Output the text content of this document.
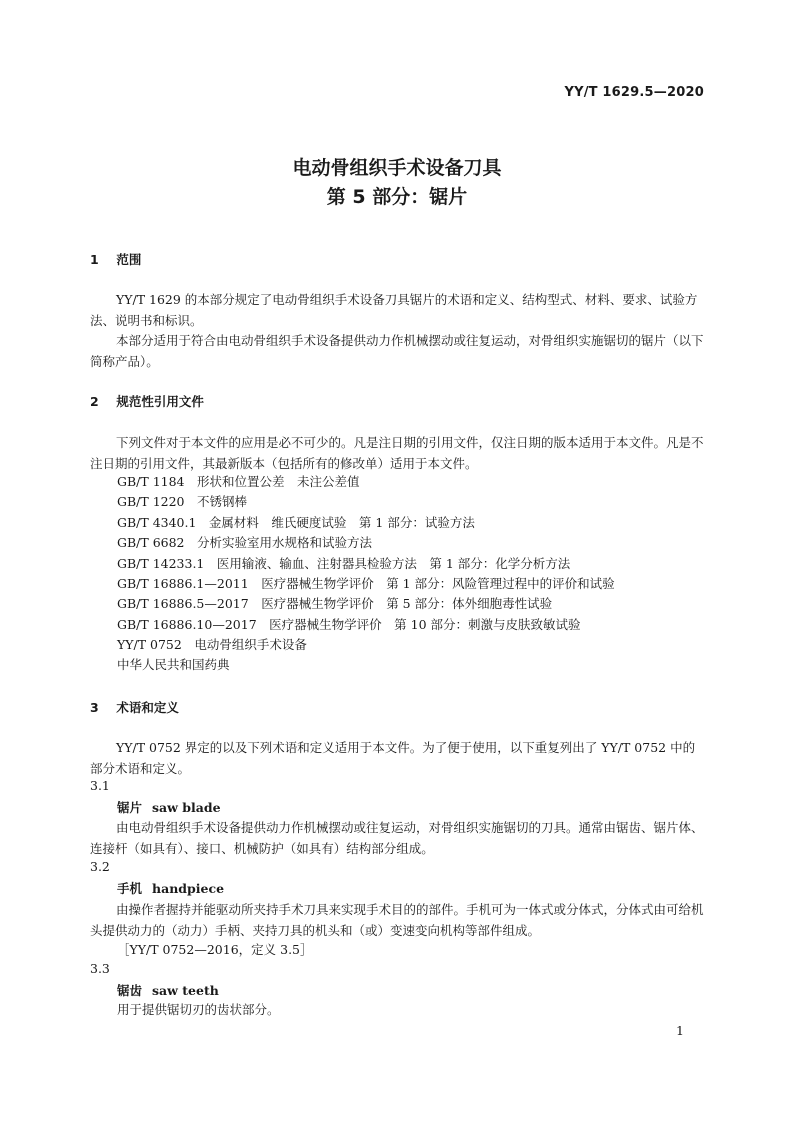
YY/T 1629.5—2020
电动骨组织手术设备刀具
第 5 部分：锯片
1 范围
YY/T 1629 的本部分规定了电动骨组织手术设备刀具锯片的术语和定义、结构型式、材料、要求、试验方法、说明书和标识。
本部分适用于符合由电动骨组织手术设备提供动力作机械摆动或往复运动，对骨组织实施锯切的锯片（以下简称产品）。
2 规范性引用文件
下列文件对于本文件的应用是必不可少的。凡是注日期的引用文件，仅注日期的版本适用于本文件。凡是不注日期的引用文件，其最新版本（包括所有的修改单）适用于本文件。
GB/T 1184　形状和位置公差　未注公差值
GB/T 1220　不锈钢棒
GB/T 4340.1　金属材料　维氏硬度试验　第 1 部分：试验方法
GB/T 6682　分析实验室用水规格和试验方法
GB/T 14233.1　医用输液、输血、注射器具检验方法　第 1 部分：化学分析方法
GB/T 16886.1—2011　医疗器械生物学评价　第 1 部分：风险管理过程中的评价和试验
GB/T 16886.5—2017　医疗器械生物学评价　第 5 部分：体外细胞毒性试验
GB/T 16886.10—2017　医疗器械生物学评价　第 10 部分：刺激与皮肤致敏试验
YY/T 0752　电动骨组织手术设备
中华人民共和国药典
3 术语和定义
YY/T 0752 界定的以及下列术语和定义适用于本文件。为了便于使用，以下重复列出了 YY/T 0752 中的部分术语和定义。
3.1
锯片 saw blade
由电动骨组织手术设备提供动力作机械摆动或往复运动，对骨组织实施锯切的刀具。通常由锯齿、锯片体、连接杆（如具有）、接口、机械防护（如具有）结构部分组成。
3.2
手机 handpiece
由操作者握持并能驱动所夹持手术刀具来实现手术目的的部件。手机可为一体式或分体式，分体式由可给机头提供动力的（动力）手柄、夹持刀具的机头和（或）变速变向机构等部件组成。
［YY/T 0752—2016，定义 3.5］
3.3
锯齿 saw teeth
用于提供锯切刃的齿状部分。
1
